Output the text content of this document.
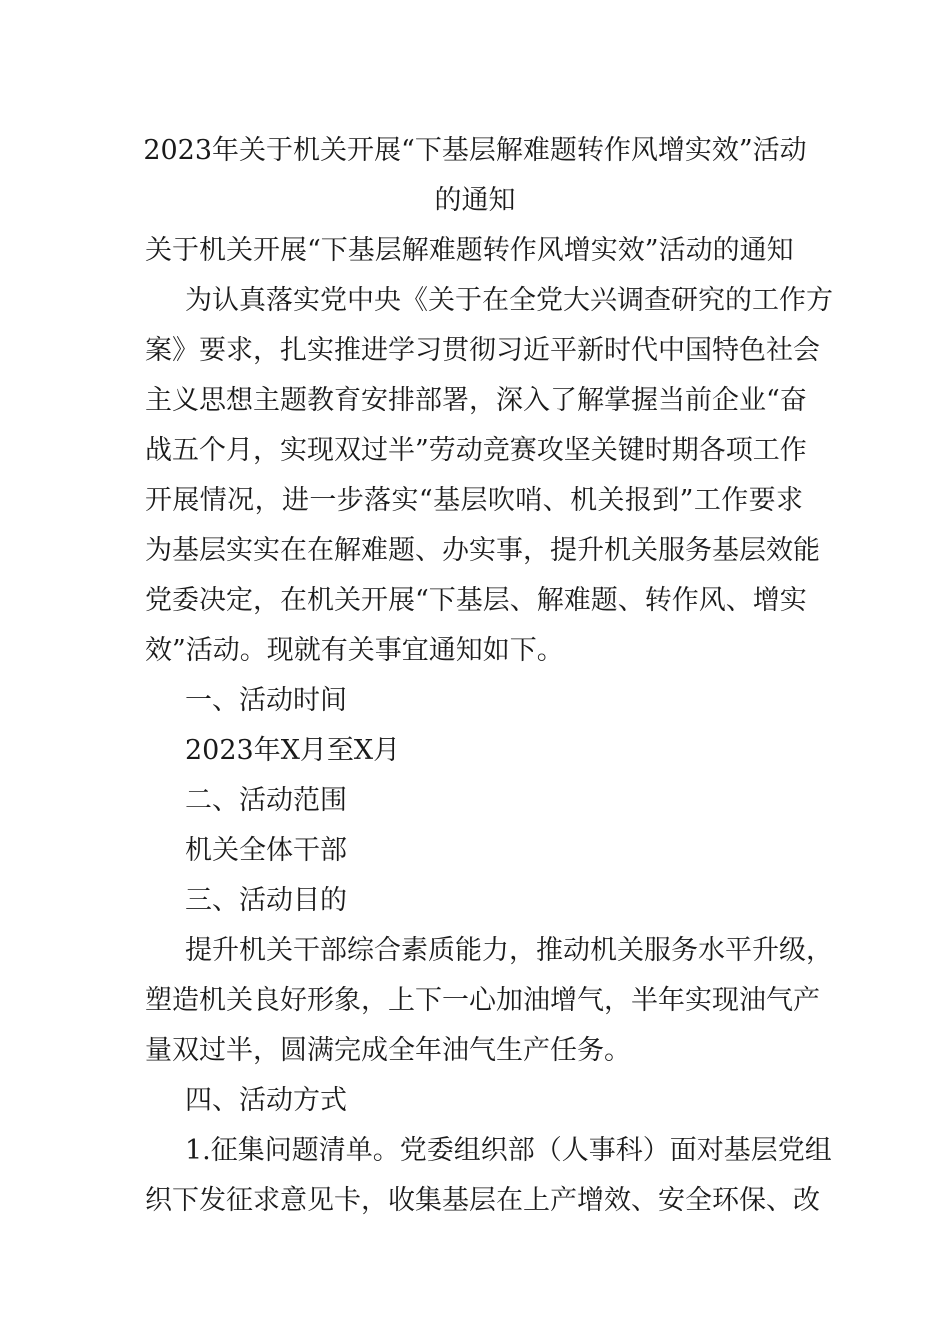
2023年关于机关开展“下基层解难题转作风增实效”活动
的通知
关于机关开展“下基层解难题转作风增实效”活动的通知
为认真落实党中央《关于在全党大兴调查研究的工作方
案》要求，扎实推进学习贯彻习近平新时代中国特色社会
主义思想主题教育安排部署，深入了解掌握当前企业“奋
战五个月，实现双过半”劳动竞赛攻坚关键时期各项工作
开展情况，进一步落实“基层吹哨、机关报到”工作要求
为基层实实在在解难题、办实事，提升机关服务基层效能
党委决定，在机关开展“下基层、解难题、转作风、增实
效”活动。现就有关事宜通知如下。
一、活动时间
2023年X月至X月
二、活动范围
机关全体干部
三、活动目的
提升机关干部综合素质能力，推动机关服务水平升级，
塑造机关良好形象，上下一心加油增气，半年实现油气产
量双过半，圆满完成全年油气生产任务。
四、活动方式
1.征集问题清单。党委组织部（人事科）面对基层党组
织下发征求意见卡，收集基层在上产增效、安全环保、改
